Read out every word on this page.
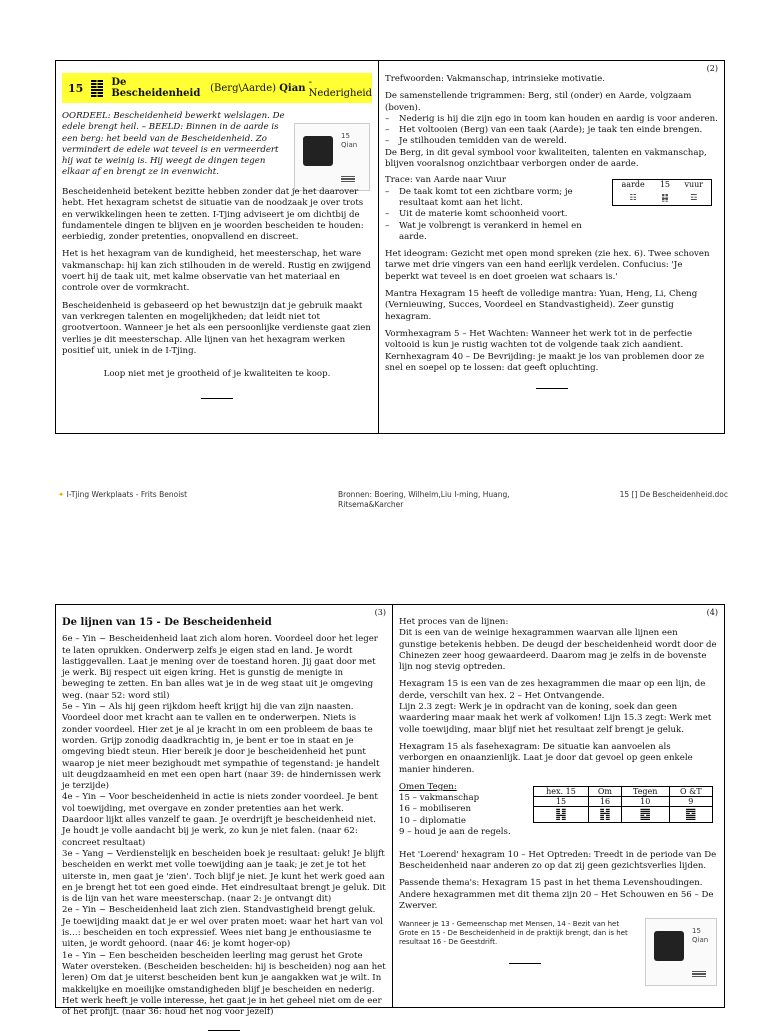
15	De Bescheidenheid
(Berg\Aarde)
Qian
- Nederigheid

OORDEEL: Bescheidenheid bewerkt welslagen. De edele brengt heil. – BEELD: Binnen in de aarde is een berg: het beeld van de Bescheidenheid. Zo vermindert de edele wat teveel is en vermeerdert hij wat te weinig is. Hij weegt de dingen tegen elkaar af en brengt ze in evenwicht.

15
Qian

Bescheidenheid betekent bezitte hebben zonder dat je het daarover hebt. Het hexagram schetst de situatie van de noodzaak je over trots en verwikkelingen heen te zetten. I-Tjing adviseert je om dichtbij de fundamentele dingen te blijven en je woorden bescheiden te houden: eerbiedig, zonder pretenties, onopvallend en discreet.

Het is het hexagram van de kundigheid, het meesterschap, het ware vakmanschap: hij kan zich stilhouden in de wereld. Rustig en zwijgend voert hij de taak uit, met kalme observatie van het materiaal en controle over de vormkracht.

Bescheidenheid is gebaseerd op het bewustzijn dat je gebruik maakt van verkregen talenten en mogelijkheden; dat leidt niet tot grootvertoon. Wanneer je het als een persoonlijke verdienste gaat zien verlies je dit meesterschap. Alle lijnen van het hexagram werken positief uit, uniek in de I-Tjing.

Loop niet met je grootheid of je kwaliteiten te koop.

(2)

Trefwoorden: Vakmanschap, intrinsieke motivatie.

De samenstellende trigrammen: Berg, stil (onder) en Aarde, volgzaam (boven).

–	Nederig is hij die zijn ego in toom kan houden en aardig is voor anderen.
–	Het voltooien (Berg) van een taak (Aarde); je taak ten einde brengen.
–	Je stilhouden temidden van de wereld.

De Berg, in dit geval symbool voor kwaliteiten, talenten en vakmanschap, blijven vooralsnog onzichtbaar verborgen onder de aarde.

Trace: van Aarde naar Vuur

–	De taak komt tot een zichtbare vorm; je resultaat komt aan het licht.
–	Uit de materie komt schoonheid voort.
–	Wat je volbrengt is verankerd in hemel en aarde.
aarde	15	vuur
☷	䷎	☲

Het ideogram: Gezicht met open mond spreken (zie hex. 6). Twee schoven tarwe met drie vingers van een hand eerlijk verdelen. Confucius: 'Je beperkt wat teveel is en doet groeien wat schaars is.'

Mantra Hexagram 15 heeft de volledige mantra: Yuan, Heng, Li, Cheng (Vernieuwing, Succes, Voordeel en Standvastigheid). Zeer gunstig hexagram.

Vormhexagram 5 – Het Wachten: Wanneer het werk tot in de perfectie voltooid is kun je rustig wachten tot de volgende taak zich aandient. Kernhexagram 40 – De Bevrijding: je maakt je los van problemen door ze snel en soepel op te lossen: dat geeft opluchting.

✦ I-Tjing Werkplaats - Frits Benoist	Bronnen: Boering, Wilhelm,Liu I-ming, Huang, Ritsema&Karcher
15 [] De Bescheidenheid.doc
(3)

De lijnen van 15 - De Bescheidenheid

6e – Yin ~ Bescheidenheid laat zich alom horen. Voordeel door het leger te laten oprukken. Onderwerp zelfs je eigen stad en land. Je wordt lastiggevallen. Laat je mening over de toestand horen. Jij gaat door met je werk. Bij respect uit eigen kring. Het is gunstig de menigte in beweging te zetten. En ban alles wat je in de weg staat uit je omgeving weg. (naar 52: word stil)

5e – Yin ~ Als hij geen rijkdom heeft krijgt hij die van zijn naasten. Voordeel door met kracht aan te vallen en te onderwerpen. Niets is zonder voordeel. Hier zet je al je kracht in om een probleem de baas te worden. Grijp zonodig daadkrachtig in, je bent er toe in staat en je omgeving biedt steun. Hier bereik je door je bescheidenheid het punt waarop je niet meer bezighoudt met sympathie of tegenstand: je handelt uit deugdzaamheid en met een open hart (naar 39: de hindernissen werk je terzijde)

4e – Yin ~ Voor bescheidenheid in actie is niets zonder voordeel. Je bent vol toewijding, met overgave en zonder pretenties aan het werk. Daardoor lijkt alles vanzelf te gaan. Je overdrijft je bescheidenheid niet. Je houdt je volle aandacht bij je werk, zo kun je niet falen. (naar 62: concreet resultaat)

3e – Yang ~ Verdienstelijk en bescheiden boek je resultaat: geluk! Je blijft bescheiden en werkt met volle toewijding aan je taak; je zet je tot het uiterste in, men gaat je 'zien'. Toch blijf je niet. Je kunt het werk goed aan en je brengt het tot een goed einde. Het eindresultaat brengt je geluk. Dit is de lijn van het ware meesterschap. (naar 2: je ontvangt dit)

2e – Yin ~ Bescheidenheid laat zich zien. Standvastigheid brengt geluk. Je toewijding maakt dat je er wel over praten moet: waar het hart van vol is…: bescheiden en toch expressief. Wees niet bang je enthousiasme te uiten, je wordt gehoord. (naar 46: je komt hoger-op)

1e – Yin ~ Een bescheiden bescheiden leerling mag gerust het Grote Water oversteken. (Bescheiden bescheiden: hij is bescheiden) nog aan het leren) Om dat je uiterst bescheiden bent kun je aangakken wat je wilt. In makkelijke en moeilijke omstandigheden blijf je bescheiden en nederig. Het werk heeft je volle interesse, het gaat je in het geheel niet om de eer of het profijt. (naar 36: houd het nog voor jezelf)

(4)

Het proces van de lijnen:

Dit is een van de weinige hexagrammen waarvan alle lijnen een gunstige betekenis hebben. De deugd der bescheidenheid wordt door de Chinezen zeer hoog gewaardeerd. Daarom mag je zelfs in de bovenste lijn nog stevig optreden.

Hexagram 15 is een van de zes hexagrammen die maar op een lijn, de derde, verschilt van hex. 2 – Het Ontvangende.

Lijn 2.3 zegt: Werk je in opdracht van de koning, soek dan geen waardering maar maak het werk af volkomen! Lijn 15.3 zegt: Werk met volle toewijding, maar blijf niet het resultaat zelf brengt je geluk.

Hexagram 15 als fasehexagram: De situatie kan aanvoelen als verborgen en onaanzienlijk. Laat je door dat gevoel op geen enkele manier hinderen.

Omen Tegen:

15 – vakmanschap

16 – mobiliseren

10 – diplomatie

9 – houd je aan de regels.

hex. 15	Om	Tegen	O &T
15	16	10	9
䷎	䷏	䷉	䷈

Het 'Loerend' hexagram 10 – Het Optreden: Treedt in de periode van De Bescheidenheid naar anderen zo op dat zij geen gezichtsverlies lijden.

Passende thema's: Hexagram 15 past in het thema Levenshoudingen. Andere hexagrammen met dit thema zijn 20 – Het Schouwen en 56 – De Zwerver.

Wanneer je 13 - Gemeenschap met Mensen, 14 - Bezit van het Grote en 15 - De Bescheidenheid in de praktijk brengt, dan is het resultaat 16 - De Geestdrift.

15
Qian
